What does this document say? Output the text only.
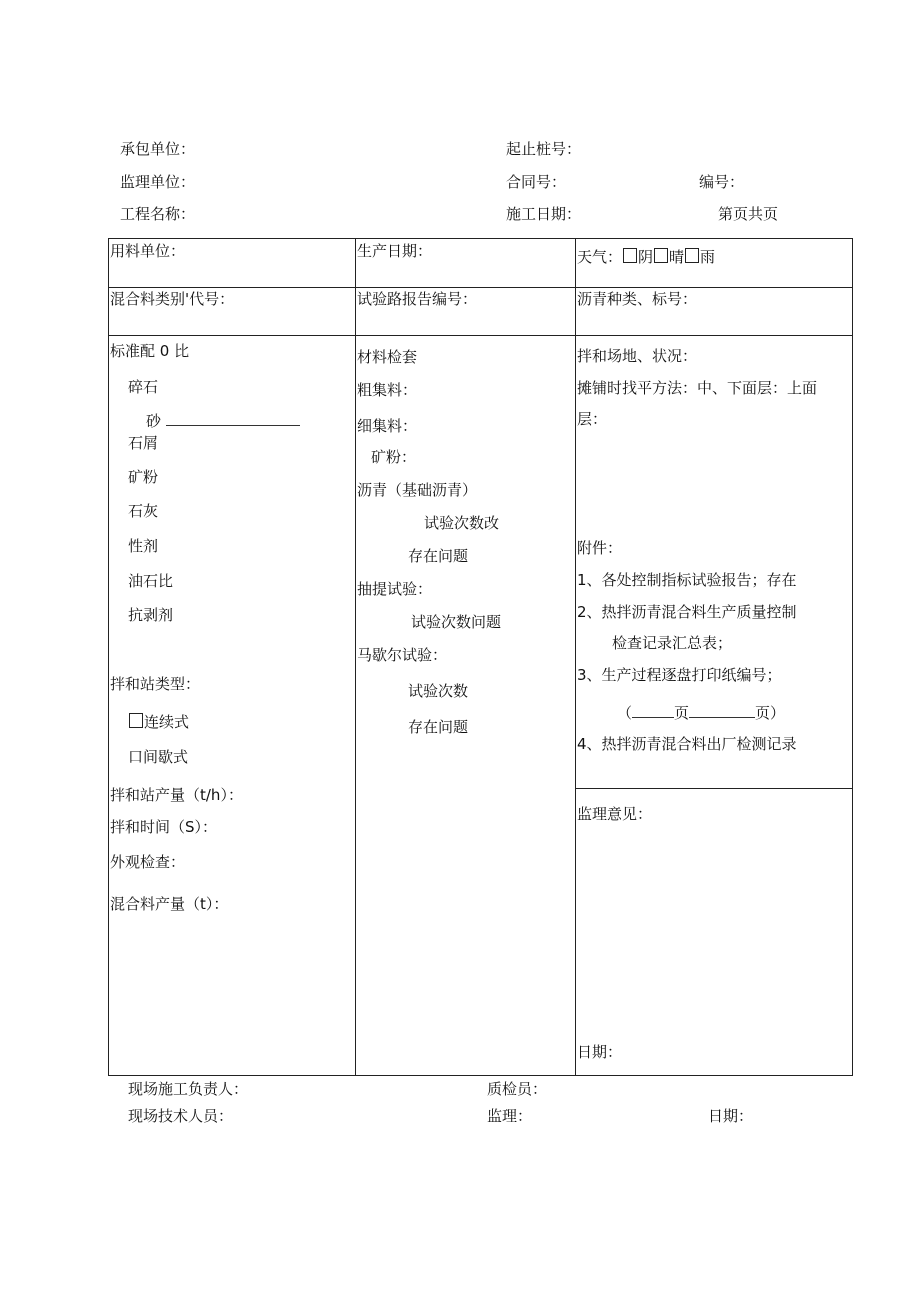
承包单位：	起止桩号：
监理单位：	合同号：	编号：
工程名称：	施工日期：	第页共页
用料单位：	生产日期：	天气： 阴 晴 雨
混合料类别'代号：	试验路报告编号：	沥青种类、标号：
标准配 0 比
碎石
砂
石屑
矿粉
石灰
性剂
油石比
抗剥剂
拌和站类型：
连续式
口间歇式
拌和站产量（t/h）：
拌和时间（S）：
外观检查：
混合料产量（t）：
材料检套
粗集料：
细集料：
矿粉：
沥青（基础沥青）
试验次数改
存在问题
抽提试验：
试验次数问题
马歇尔试验：
试验次数
存在问题
拌和场地、状况：
摊铺时找平方法：中、下面层：上面
层：
附件：
1、各处控制指标试验报告；存在
2、热拌沥青混合料生产质量控制
检查记录汇总表；
3、生产过程逐盘打印纸编号；
（	页	页）
4、热拌沥青混合料出厂检测记录
监理意见：
日期：
现场施工负责人：	质检员：
现场技术人员：	监理：	日期：
